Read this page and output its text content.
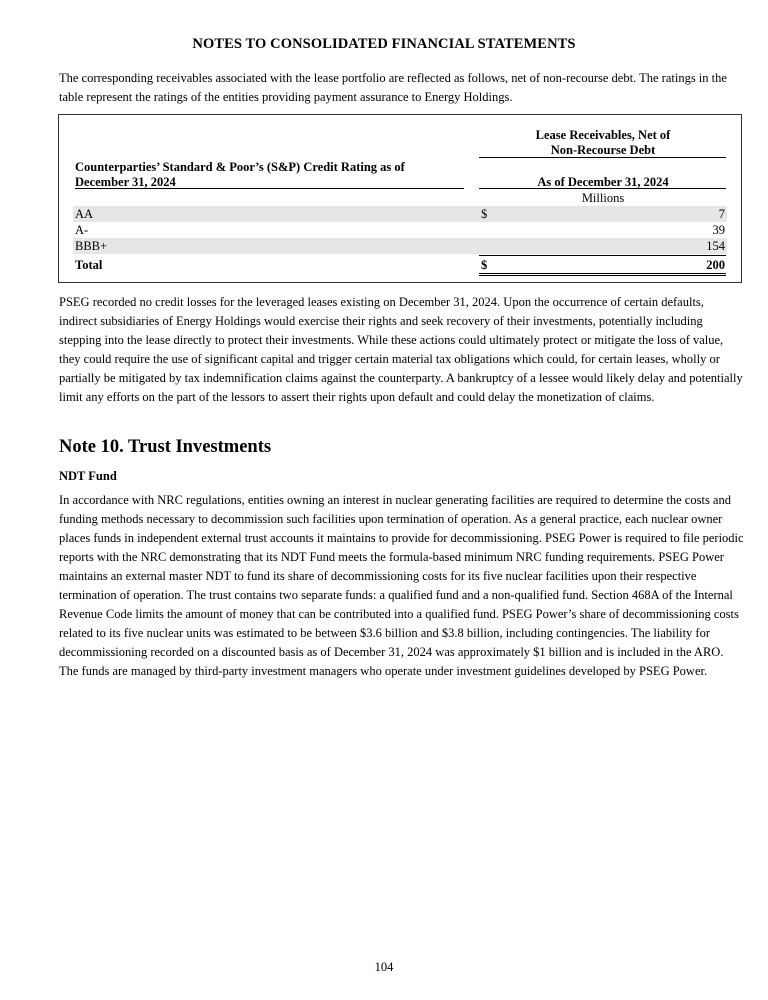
NOTES TO CONSOLIDATED FINANCIAL STATEMENTS

The corresponding receivables associated with the lease portfolio are reflected as follows, net of non-recourse debt. The ratings in the table represent the ratings of the entities providing payment assurance to Energy Holdings.

Lease Receivables, Net of
Non-Recourse Debt
Counterparties’ Standard & Poor’s (S&P) Credit Rating as of
December 31, 2024	As of December 31, 2024
Millions
AA	$	7
A-	39
BBB+	154
Total	$	200

PSEG recorded no credit losses for the leveraged leases existing on December 31, 2024. Upon the occurrence of certain defaults, indirect subsidiaries of Energy Holdings would exercise their rights and seek recovery of their investments, potentially including stepping into the lease directly to protect their investments. While these actions could ultimately protect or mitigate the loss of value, they could require the use of significant capital and trigger certain material tax obligations which could, for certain leases, wholly or partially be mitigated by tax indemnification claims against the counterparty. A bankruptcy of a lessee would likely delay and potentially limit any efforts on the part of the lessors to assert their rights upon default and could delay the monetization of claims.

Note 10. Trust Investments
NDT Fund

In accordance with NRC regulations, entities owning an interest in nuclear generating facilities are required to determine the costs and funding methods necessary to decommission such facilities upon termination of operation. As a general practice, each nuclear owner places funds in independent external trust accounts it maintains to provide for decommissioning. PSEG Power is required to file periodic reports with the NRC demonstrating that its NDT Fund meets the formula-based minimum NRC funding requirements. PSEG Power maintains an external master NDT to fund its share of decommissioning costs for its five nuclear facilities upon their respective termination of operation. The trust contains two separate funds: a qualified fund and a non-qualified fund. Section 468A of the Internal Revenue Code limits the amount of money that can be contributed into a qualified fund. PSEG Power’s share of decommissioning costs related to its five nuclear units was estimated to be between $3.6 billion and $3.8 billion, including contingencies. The liability for decommissioning recorded on a discounted basis as of December 31, 2024 was approximately $1 billion and is included in the ARO. The funds are managed by third-party investment managers who operate under investment guidelines developed by PSEG Power.

104
